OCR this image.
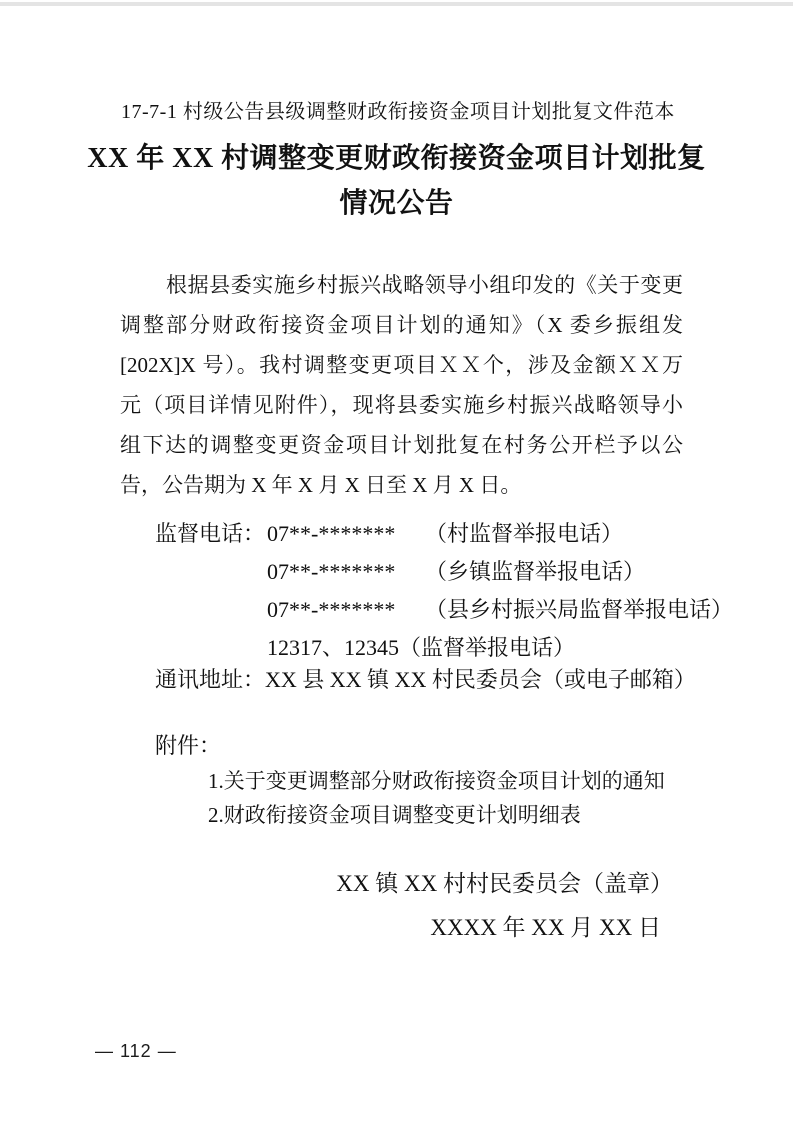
17-7-1 村级公告县级调整财政衔接资金项目计划批复文件范本
XX 年 XX 村调整变更财政衔接资金项目计划批复
情况公告
根据县委实施乡村振兴战略领导小组印发的《关于变更
调整部分财政衔接资金项目计划的通知》（X 委乡振组发
[202X]X 号）。我村调整变更项目ＸＸ个，涉及金额ＸＸ万
元（项目详情见附件），现将县委实施乡村振兴战略领导小
组下达的调整变更资金项目计划批复在村务公开栏予以公
告，公告期为 X 年 X 月 X 日至 X 月 X 日。
监督电话： 07**-*******	（村监督举报电话）
07**-*******	（乡镇监督举报电话）
07**-*******	（县乡村振兴局监督举报电话）
12317、12345（监督举报电话）
通讯地址：XX 县 XX 镇 XX 村民委员会（或电子邮箱）
附件：
1.关于变更调整部分财政衔接资金项目计划的通知
2.财政衔接资金项目调整变更计划明细表
XX 镇 XX 村村民委员会（盖章）
XXXX 年 XX 月 XX 日
— 112 —
